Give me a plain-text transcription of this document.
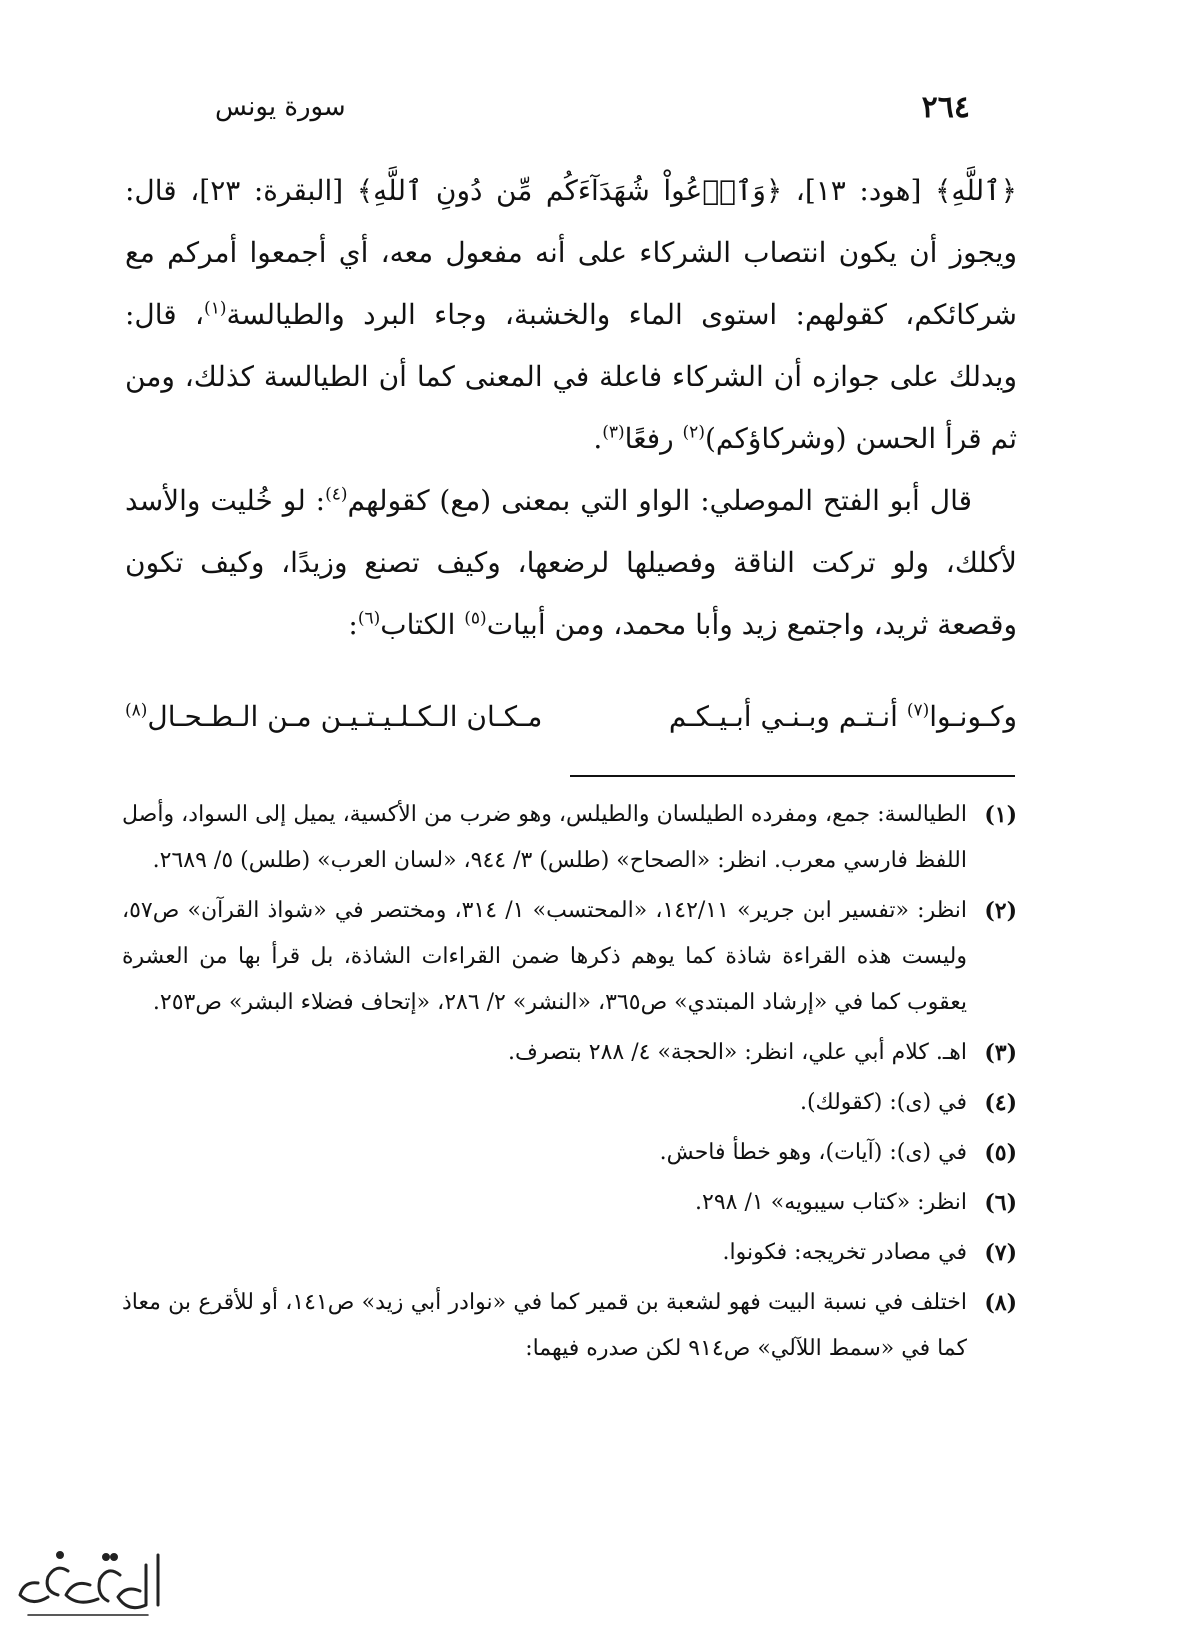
٢٦٤
سورة يونس

﴿ٱللَّهِ﴾ [هود: ١٣]، ﴿وَٱدۡعُواْ شُهَدَآءَكُم مِّن دُونِ ٱللَّهِ﴾ [البقرة: ٢٣]، قال: ويجوز أن يكون انتصاب الشركاء على أنه مفعول معه، أي أجمعوا أمركم مع شركائكم، كقولهم: استوى الماء والخشبة، وجاء البرد والطيالسة$^{(١)}$، قال: ويدلك على جوازه أن الشركاء فاعلة في المعنى كما أن الطيالسة كذلك، ومن ثم قرأ الحسن (وشركاؤكم)$^{(٢)}$ رفعًا$^{(٣)}$.

قال أبو الفتح الموصلي: الواو التي بمعنى (مع) كقولهم$^{(٤)}$: لو خُليت والأسد لأكلك، ولو تركت الناقة وفصيلها لرضعها، وكيف تصنع وزيدًا، وكيف تكون وقصعة ثريد، واجتمع زيد وأبا محمد، ومن أبيات$^{(٥)}$ الكتاب$^{(٦)}$:

وكـونـوا$^{(٧)}$ أنـتـم وبـنـي أبـيـكـم
مـكـان الـكـلـيـتـيـن مـن الـطـحـال$^{(٨)}$
(١)
الطيالسة: جمع، ومفرده الطيلسان والطيلس، وهو ضرب من الأكسية، يميل إلى السواد، وأصل اللفظ فارسي معرب. انظر: «الصحاح» (طلس) ٣/ ٩٤٤، «لسان العرب» (طلس) ٥/ ٢٦٨٩.
(٢)
انظر: «تفسير ابن جرير» ١٤٢/١١، «المحتسب» ١/ ٣١٤، ومختصر في «شواذ القرآن» ص٥٧، وليست هذه القراءة شاذة كما يوهم ذكرها ضمن القراءات الشاذة، بل قرأ بها من العشرة يعقوب كما في «إرشاد المبتدي» ص٣٦٥، «النشر» ٢/ ٢٨٦، «إتحاف فضلاء البشر» ص٢٥٣.
(٣)
اهـ. كلام أبي علي، انظر: «الحجة» ٤/ ٢٨٨ بتصرف.
(٤)
في (ى): (كقولك).
(٥)
في (ى): (آيات)، وهو خطأ فاحش.
(٦)
انظر: «كتاب سيبويه» ١/ ٢٩٨.
(٧)
في مصادر تخريجه: فكونوا.
(٨)
اختلف في نسبة البيت فهو لشعبة بن قمير كما في «نوادر أبي زيد» ص١٤١، أو للأقرع بن معاذ كما في «سمط اللآلي» ص٩١٤ لكن صدره فيهما:
